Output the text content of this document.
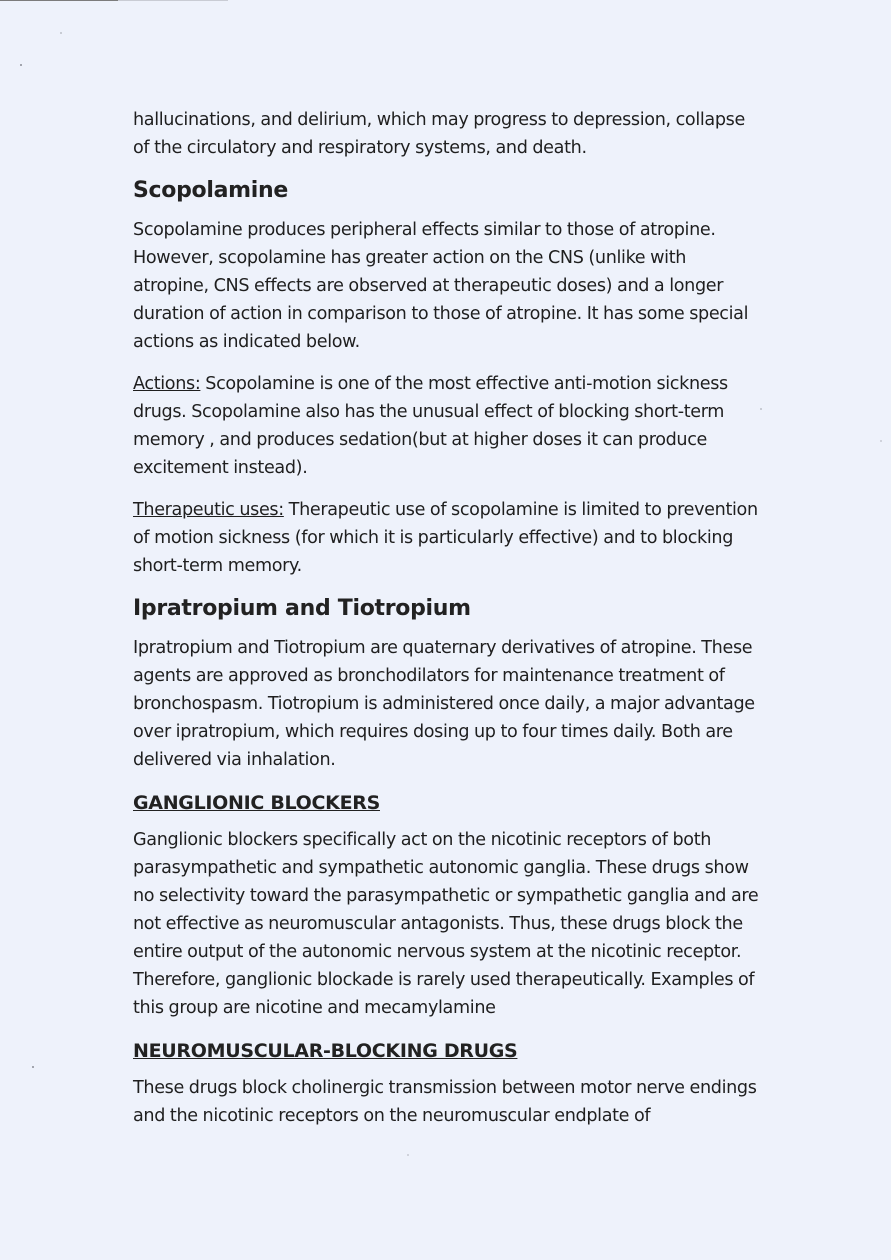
hallucinations, and delirium, which may progress to depression, collapse of the circulatory and respiratory systems, and death.

Scopolamine

Scopolamine produces peripheral effects similar to those of atropine. However, scopolamine has greater action on the CNS (unlike with atropine, CNS effects are observed at therapeutic doses) and a longer duration of action in comparison to those of atropine. It has some special actions as indicated below.

Actions: Scopolamine is one of the most effective anti-motion sickness drugs. Scopolamine also has the unusual effect of blocking short-term memory , and produces sedation(but at higher doses it can produce excitement instead).

Therapeutic uses: Therapeutic use of scopolamine is limited to prevention of motion sickness (for which it is particularly effective) and to blocking short-term memory.

Ipratropium and Tiotropium

Ipratropium and Tiotropium are quaternary derivatives of atropine. These agents are approved as bronchodilators for maintenance treatment of bronchospasm. Tiotropium is administered once daily, a major advantage over ipratropium, which requires dosing up to four times daily. Both are delivered via inhalation.

GANGLIONIC BLOCKERS

Ganglionic blockers specifically act on the nicotinic receptors of both parasympathetic and sympathetic autonomic ganglia. These drugs show no selectivity toward the parasympathetic or sympathetic ganglia and are not effective as neuromuscular antagonists. Thus, these drugs block the entire output of the autonomic nervous system at the nicotinic receptor. Therefore, ganglionic blockade is rarely used therapeutically. Examples of this group are nicotine and mecamylamine

NEUROMUSCULAR-BLOCKING DRUGS

These drugs block cholinergic transmission between motor nerve endings and the nicotinic receptors on the neuromuscular endplate of
